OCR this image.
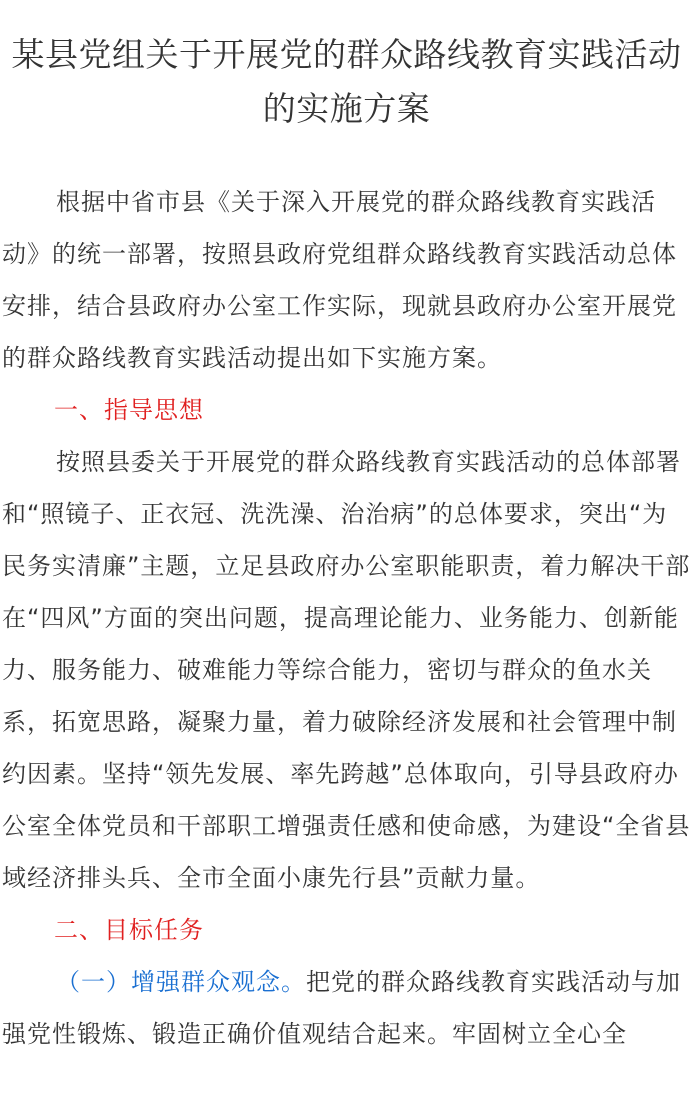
某县党组关于开展党的群众路线教育实践活动的实施方案

根据中省市县《关于深入开展党的群众路线教育实践活动》的统一部署，按照县政府党组群众路线教育实践活动总体安排，结合县政府办公室工作实际，现就县政府办公室开展党的群众路线教育实践活动提出如下实施方案。

一、指导思想

按照县委关于开展党的群众路线教育实践活动的总体部署和“照镜子、正衣冠、洗洗澡、治治病”的总体要求，突出“为民务实清廉”主题，立足县政府办公室职能职责，着力解决干部在“四风”方面的突出问题，提高理论能力、业务能力、创新能力、服务能力、破难能力等综合能力，密切与群众的鱼水关系，拓宽思路，凝聚力量，着力破除经济发展和社会管理中制约因素。坚持“领先发展、率先跨越”总体取向，引导县政府办公室全体党员和干部职工增强责任感和使命感，为建设“全省县域经济排头兵、全市全面小康先行县”贡献力量。

二、目标任务

（一）增强群众观念。把党的群众路线教育实践活动与加强党性锻炼、锻造正确价值观结合起来。牢固树立全心全
